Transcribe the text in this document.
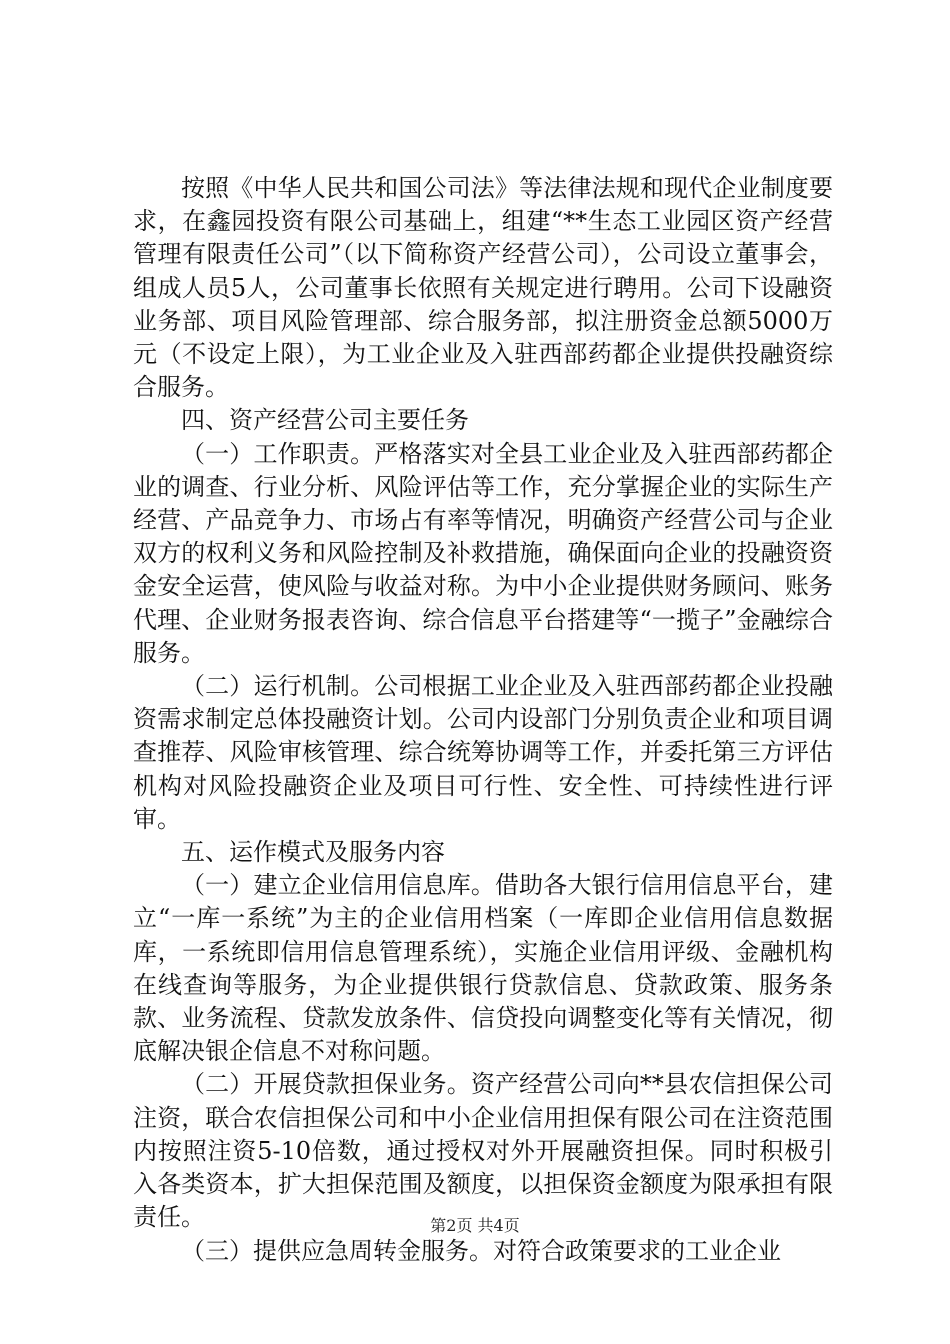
按照《中华人民共和国公司法》等法律法规和现代企业制度要求，在鑫园投资有限公司基础上，组建“**生态工业园区资产经营管理有限责任公司”（以下简称资产经营公司），公司设立董事会，组成人员5人，公司董事长依照有关规定进行聘用。公司下设融资业务部、项目风险管理部、综合服务部，拟注册资金总额5000万元（不设定上限），为工业企业及入驻西部药都企业提供投融资综合服务。

四、资产经营公司主要任务

（一）工作职责。严格落实对全县工业企业及入驻西部药都企业的调查、行业分析、风险评估等工作，充分掌握企业的实际生产经营、产品竞争力、市场占有率等情况，明确资产经营公司与企业双方的权利义务和风险控制及补救措施，确保面向企业的投融资资金安全运营，使风险与收益对称。为中小企业提供财务顾问、账务代理、企业财务报表咨询、综合信息平台搭建等“一揽子”金融综合服务。

（二）运行机制。公司根据工业企业及入驻西部药都企业投融资需求制定总体投融资计划。公司内设部门分别负责企业和项目调查推荐、风险审核管理、综合统筹协调等工作，并委托第三方评估机构对风险投融资企业及项目可行性、安全性、可持续性进行评审。

五、运作模式及服务内容

（一）建立企业信用信息库。借助各大银行信用信息平台，建立“一库一系统”为主的企业信用档案（一库即企业信用信息数据库，一系统即信用信息管理系统），实施企业信用评级、金融机构在线查询等服务，为企业提供银行贷款信息、贷款政策、服务条款、业务流程、贷款发放条件、信贷投向调整变化等有关情况，彻底解决银企信息不对称问题。

（二）开展贷款担保业务。资产经营公司向**县农信担保公司注资，联合农信担保公司和中小企业信用担保有限公司在注资范围内按照注资5-10倍数，通过授权对外开展融资担保。同时积极引入各类资本，扩大担保范围及额度，以担保资金额度为限承担有限责任。

（三）提供应急周转金服务。对符合政策要求的工业企业

第2页 共4页
